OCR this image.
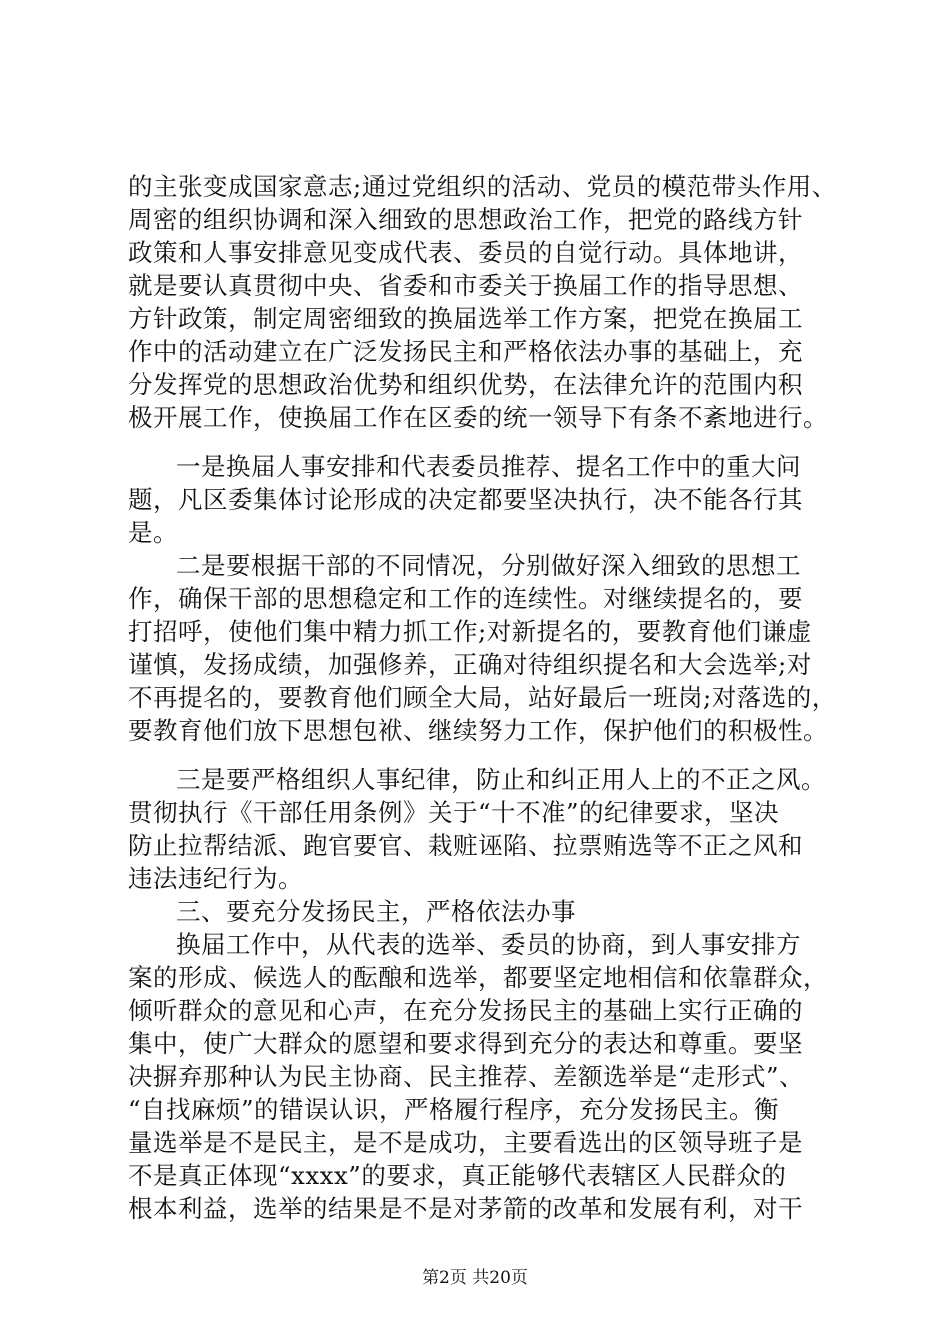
的主张变成国家意志;通过党组织的活动、党员的模范带头作用、
周密的组织协调和深入细致的思想政治工作，把党的路线方针
政策和人事安排意见变成代表、委员的自觉行动。具体地讲，
就是要认真贯彻中央、省委和市委关于换届工作的指导思想、
方针政策，制定周密细致的换届选举工作方案，把党在换届工
作中的活动建立在广泛发扬民主和严格依法办事的基础上，充
分发挥党的思想政治优势和组织优势，在法律允许的范围内积
极开展工作，使换届工作在区委的统一领导下有条不紊地进行。
一是换届人事安排和代表委员推荐、提名工作中的重大问
题，凡区委集体讨论形成的决定都要坚决执行，决不能各行其
是。
二是要根据干部的不同情况，分别做好深入细致的思想工
作，确保干部的思想稳定和工作的连续性。对继续提名的，要
打招呼，使他们集中精力抓工作;对新提名的，要教育他们谦虚
谨慎，发扬成绩，加强修养，正确对待组织提名和大会选举;对
不再提名的，要教育他们顾全大局，站好最后一班岗;对落选的，
要教育他们放下思想包袱、继续努力工作，保护他们的积极性。
三是要严格组织人事纪律，防止和纠正用人上的不正之风。
贯彻执行《干部任用条例》关于“十不准”的纪律要求，坚决
防止拉帮结派、跑官要官、栽赃诬陷、拉票贿选等不正之风和
违法违纪行为。
三、要充分发扬民主，严格依法办事
换届工作中，从代表的选举、委员的协商，到人事安排方
案的形成、候选人的酝酿和选举，都要坚定地相信和依靠群众，
倾听群众的意见和心声，在充分发扬民主的基础上实行正确的
集中，使广大群众的愿望和要求得到充分的表达和尊重。要坚
决摒弃那种认为民主协商、民主推荐、差额选举是“走形式”、
“自找麻烦”的错误认识，严格履行程序，充分发扬民主。衡
量选举是不是民主，是不是成功，主要看选出的区领导班子是
不是真正体现“xxxx”的要求，真正能够代表辖区人民群众的
根本利益，选举的结果是不是对茅箭的改革和发展有利，对干
第2页 共20页
